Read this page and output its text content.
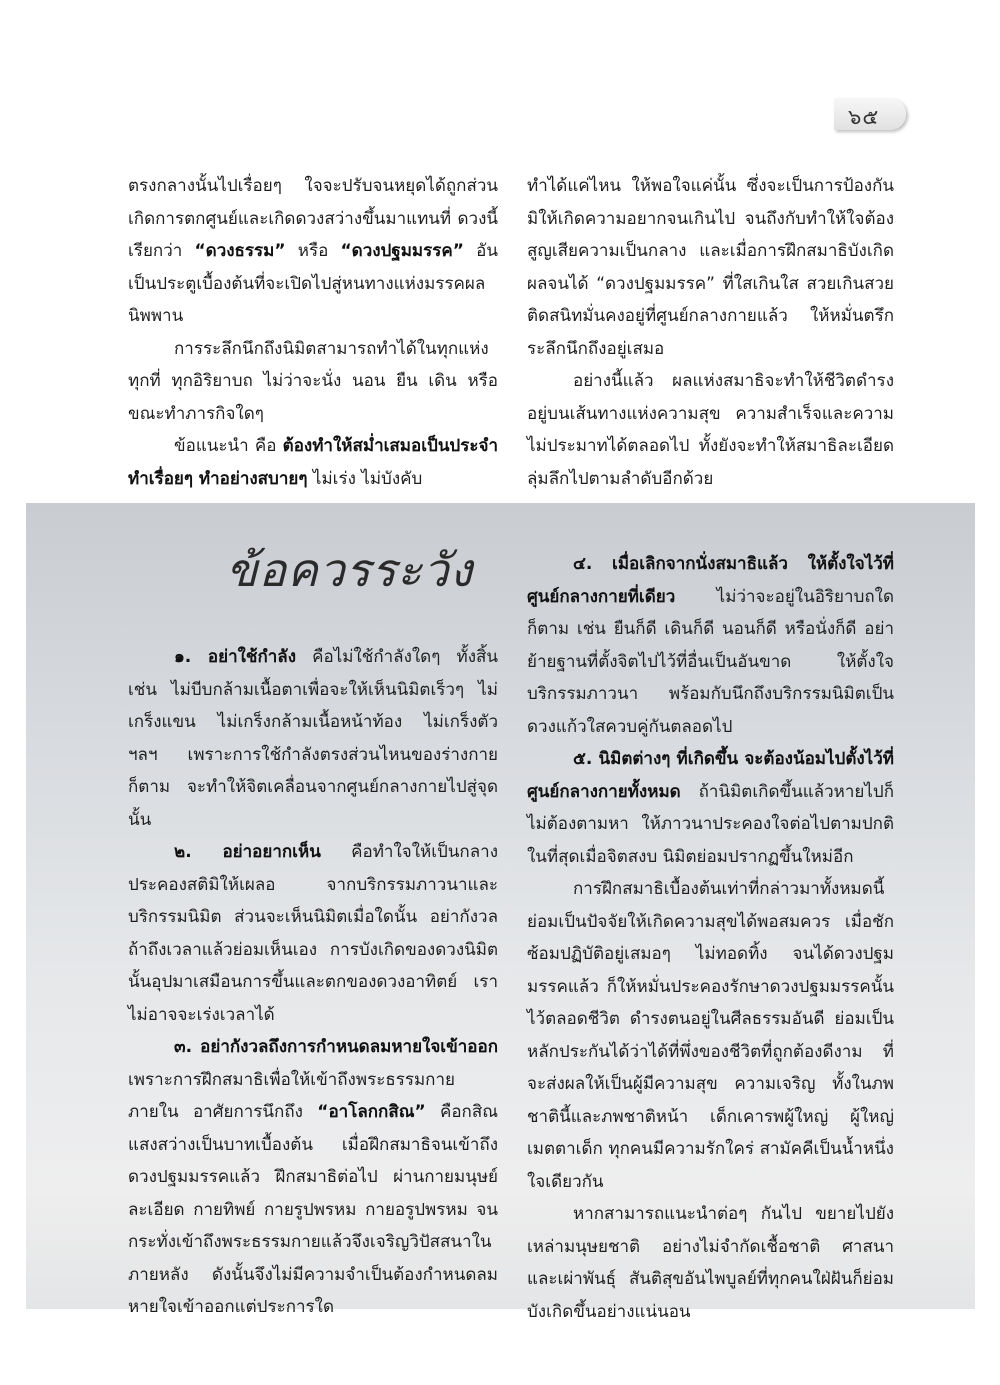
๖๕

ตรงกลางนั้นไปเรื่อยๆ ใจจะปรับจนหยุดได้ถูกส่วน เกิดการตกศูนย์และเกิดดวงสว่างขึ้นมาแทนที่ ดวงนี้เรียกว่า “ดวงธรรม” หรือ “ดวงปฐมมรรค” อันเป็นประตูเบื้องต้นที่จะเปิดไปสู่หนทางแห่งมรรคผลนิพพาน

การระลึกนึกถึงนิมิตสามารถทำได้ในทุกแห่ง ทุกที่ ทุกอิริยาบถ ไม่ว่าจะนั่ง นอน ยืน เดิน หรือขณะทำภารกิจใดๆ

ข้อแนะนำ คือ ต้องทำให้สม่ำเสมอเป็นประจำ ทำเรื่อยๆ ทำอย่างสบายๆ ไม่เร่ง ไม่บังคับ

ทำได้แค่ไหน ให้พอใจแค่นั้น ซึ่งจะเป็นการป้องกัน มิให้เกิดความอยากจนเกินไป จนถึงกับทำให้ใจต้องสูญเสียความเป็นกลาง และเมื่อการฝึกสมาธิบังเกิดผลจนได้ “ดวงปฐมมรรค” ที่ใสเกินใส สวยเกินสวย ติดสนิทมั่นคงอยู่ที่ศูนย์กลางกายแล้ว ให้หมั่นตรึกระลึกนึกถึงอยู่เสมอ

อย่างนี้แล้ว ผลแห่งสมาธิจะทำให้ชีวิตดำรงอยู่บนเส้นทางแห่งความสุข ความสำเร็จและความไม่ประมาทได้ตลอดไป ทั้งยังจะทำให้สมาธิละเอียดลุ่มลึกไปตามลำดับอีกด้วย

ข้อควรระวัง

๑. อย่าใช้กำลัง คือไม่ใช้กำลังใดๆ ทั้งสิ้น เช่น ไม่บีบกล้ามเนื้อตาเพื่อจะให้เห็นนิมิตเร็วๆ ไม่เกร็งแขน ไม่เกร็งกล้ามเนื้อหน้าท้อง ไม่เกร็งตัว ฯลฯ เพราะการใช้กำลังตรงส่วนไหนของร่างกายก็ตาม จะทำให้จิตเคลื่อนจากศูนย์กลางกายไปสู่จุดนั้น

๒. อย่าอยากเห็น คือทำใจให้เป็นกลาง ประคองสติมิให้เผลอ จากบริกรรมภาวนาและบริกรรมนิมิต ส่วนจะเห็นนิมิตเมื่อใดนั้น อย่ากังวล ถ้าถึงเวลาแล้วย่อมเห็นเอง การบังเกิดของดวงนิมิตนั้นอุปมาเสมือนการขึ้นและตกของดวงอาทิตย์ เราไม่อาจจะเร่งเวลาได้

๓. อย่ากังวลถึงการกำหนดลมหายใจเข้าออก เพราะการฝึกสมาธิเพื่อให้เข้าถึงพระธรรมกายภายใน อาศัยการนึกถึง “อาโลกกสิณ” คือกสิณแสงสว่างเป็นบาทเบื้องต้น เมื่อฝึกสมาธิจนเข้าถึงดวงปฐมมรรคแล้ว ฝึกสมาธิต่อไป ผ่านกายมนุษย์ละเอียด กายทิพย์ กายรูปพรหม กายอรูปพรหม จนกระทั่งเข้าถึงพระธรรมกายแล้วจึงเจริญวิปัสสนาในภายหลัง ดังนั้นจึงไม่มีความจำเป็นต้องกำหนดลมหายใจเข้าออกแต่ประการใด

๔. เมื่อเลิกจากนั่งสมาธิแล้ว ให้ตั้งใจไว้ที่ศูนย์กลางกายที่เดียว ไม่ว่าจะอยู่ในอิริยาบถใดก็ตาม เช่น ยืนก็ดี เดินก็ดี นอนก็ดี หรือนั่งก็ดี อย่าย้ายฐานที่ตั้งจิตไปไว้ที่อื่นเป็นอันขาด ให้ตั้งใจบริกรรมภาวนา พร้อมกับนึกถึงบริกรรมนิมิตเป็นดวงแก้วใสควบคู่กันตลอดไป

๕. นิมิตต่างๆ ที่เกิดขึ้น จะต้องน้อมไปตั้งไว้ที่ศูนย์กลางกายทั้งหมด ถ้านิมิตเกิดขึ้นแล้วหายไปก็ไม่ต้องตามหา ให้ภาวนาประคองใจต่อไปตามปกติในที่สุดเมื่อจิตสงบ นิมิตย่อมปรากฏขึ้นใหม่อีก

การฝึกสมาธิเบื้องต้นเท่าที่กล่าวมาทั้งหมดนี้ย่อมเป็นปัจจัยให้เกิดความสุขได้พอสมควร เมื่อชักซ้อมปฏิบัติอยู่เสมอๆ ไม่ทอดทิ้ง จนได้ดวงปฐมมรรคแล้ว ก็ให้หมั่นประคองรักษาดวงปฐมมรรคนั้นไว้ตลอดชีวิต ดำรงตนอยู่ในศีลธรรมอันดี ย่อมเป็นหลักประกันได้ว่าได้ที่พึ่งของชีวิตที่ถูกต้องดีงาม ที่จะส่งผลให้เป็นผู้มีความสุข ความเจริญ ทั้งในภพชาตินี้และภพชาติหน้า เด็กเคารพผู้ใหญ่ ผู้ใหญ่เมตตาเด็ก ทุกคนมีความรักใคร่ สามัคคีเป็นน้ำหนึ่งใจเดียวกัน

หากสามารถแนะนำต่อๆ กันไป ขยายไปยังเหล่ามนุษยชาติ อย่างไม่จำกัดเชื้อชาติ ศาสนา และเผ่าพันธุ์ สันติสุขอันไพบูลย์ที่ทุกคนใฝ่ฝันก็ย่อมบังเกิดขึ้นอย่างแน่นอน
